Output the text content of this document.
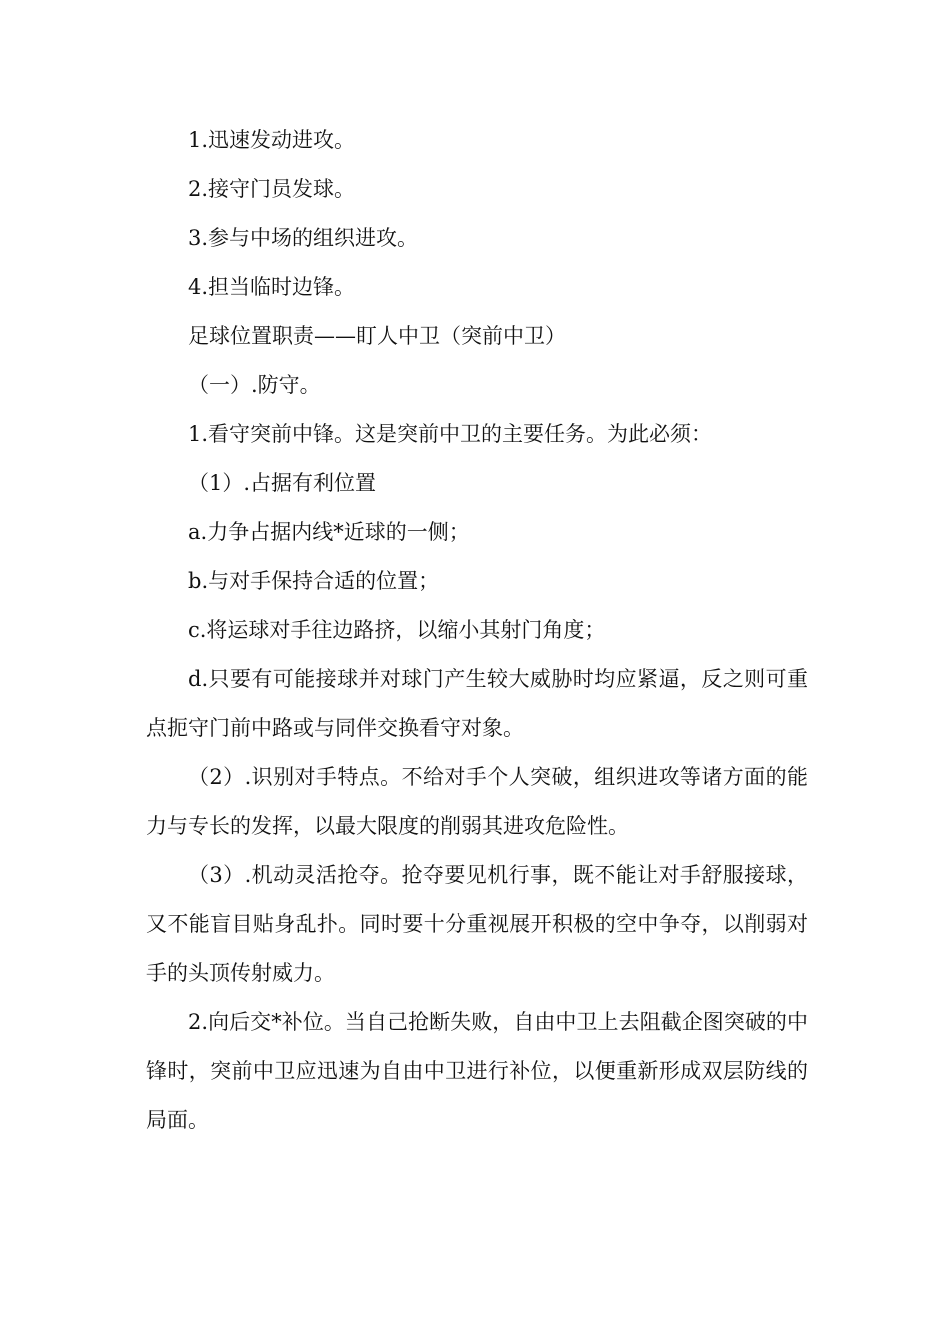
1.迅速发动进攻。

2.接守门员发球。

3.参与中场的组织进攻。

4.担当临时边锋。

足球位置职责——盯人中卫（突前中卫）

（一）.防守。

1.看守突前中锋。这是突前中卫的主要任务。为此必须：

（1）.占据有利位置

a.力争占据内线*近球的一侧；

b.与对手保持合适的位置；

c.将运球对手往边路挤，以缩小其射门角度；

d.只要有可能接球并对球门产生较大威胁时均应紧逼，反之则可重点扼守门前中路或与同伴交换看守对象。

（2）.识别对手特点。不给对手个人突破，组织进攻等诸方面的能力与专长的发挥，以最大限度的削弱其进攻危险性。

（3）.机动灵活抢夺。抢夺要见机行事，既不能让对手舒服接球，又不能盲目贴身乱扑。同时要十分重视展开积极的空中争夺，以削弱对手的头顶传射威力。

2.向后交*补位。当自己抢断失败，自由中卫上去阻截企图突破的中锋时，突前中卫应迅速为自由中卫进行补位，以便重新形成双层防线的局面。
